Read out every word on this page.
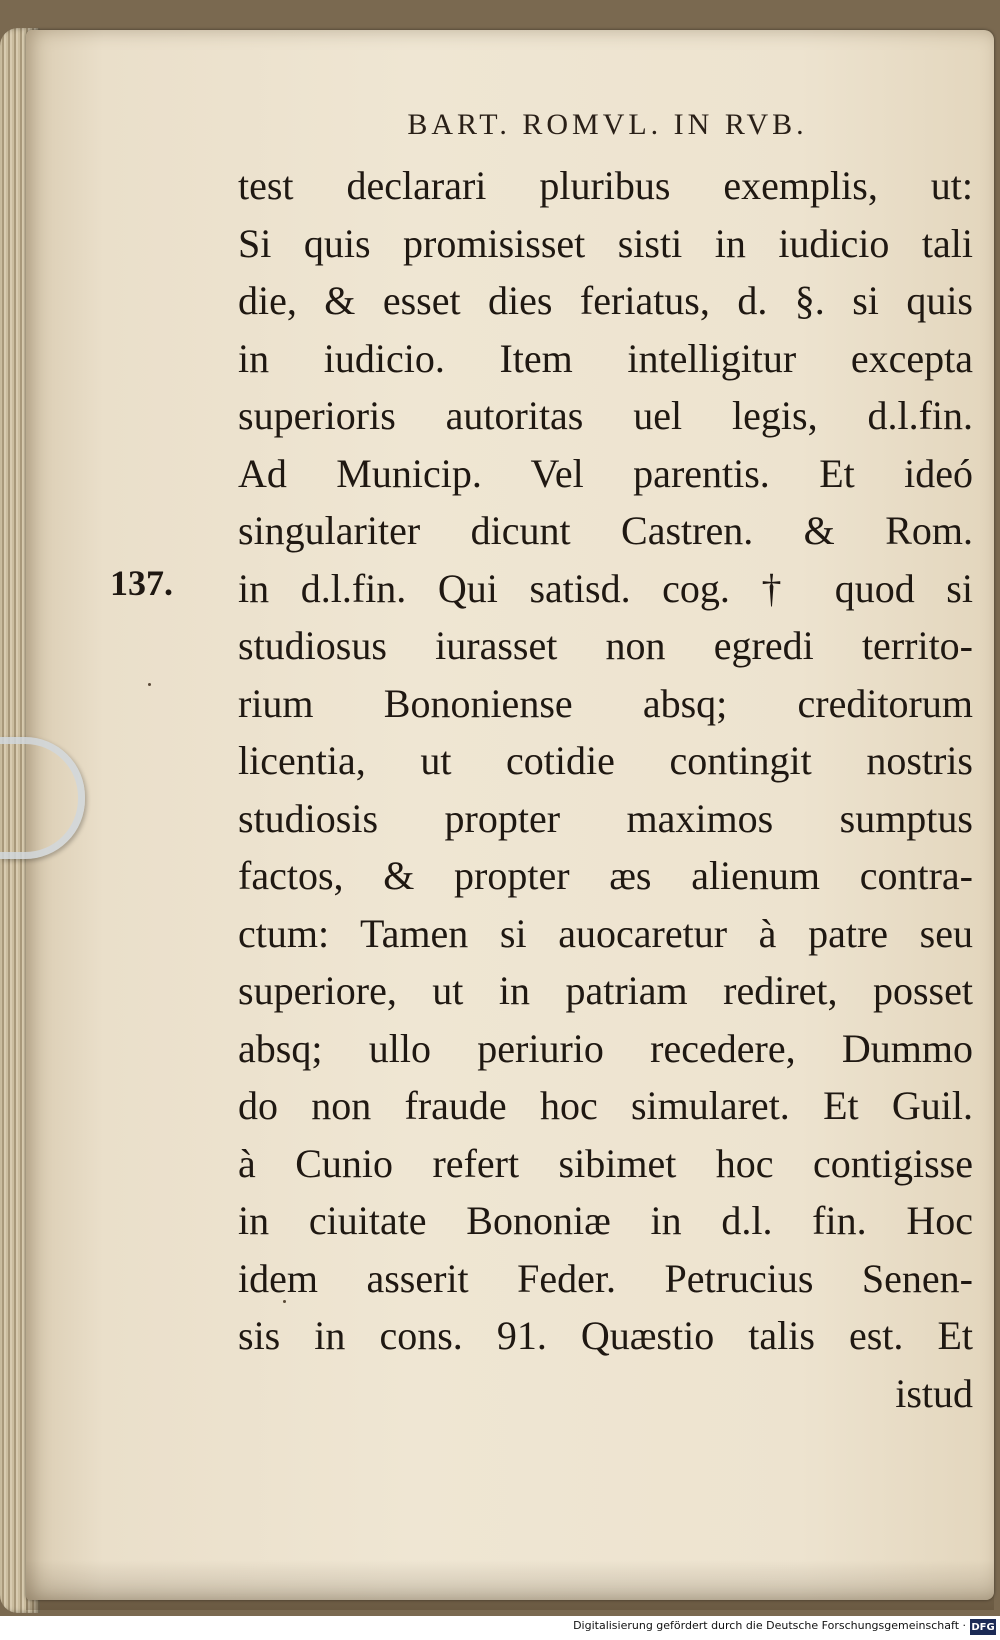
BART. ROMVL. IN RVB.
137.
test declarari pluribus exemplis, ut:
Si quis promisisset sisti in iudicio tali
die, & esset dies feriatus, d. §. si quis
in iudicio. Item intelligitur excepta
superioris autoritas uel legis, d.l.fin.
Ad Municip. Vel parentis. Et ideó
singulariter dicunt Castren. & Rom.
in d.l.fin. Qui satisd. cog. † quod si
studiosus iurasset non egredi territo-
rium Bononiense absq; creditorum
licentia, ut cotidie contingit nostris
studiosis propter maximos sumptus
factos, & propter æs alienum contra-
ctum: Tamen si auocaretur à patre seu
superiore, ut in patriam rediret, posset
absq; ullo periurio recedere, Dummo
do non fraude hoc simularet. Et Guil.
à Cunio refert sibimet hoc contigisse
in ciuitate Bononiæ in d.l. fin. Hoc
idem asserit Feder. Petrucius Senen-
sis in cons. 91. Quæstio talis est. Et
istud
Digitalisierung gefördert durch die Deutsche Forschungsgemeinschaft · DFG
